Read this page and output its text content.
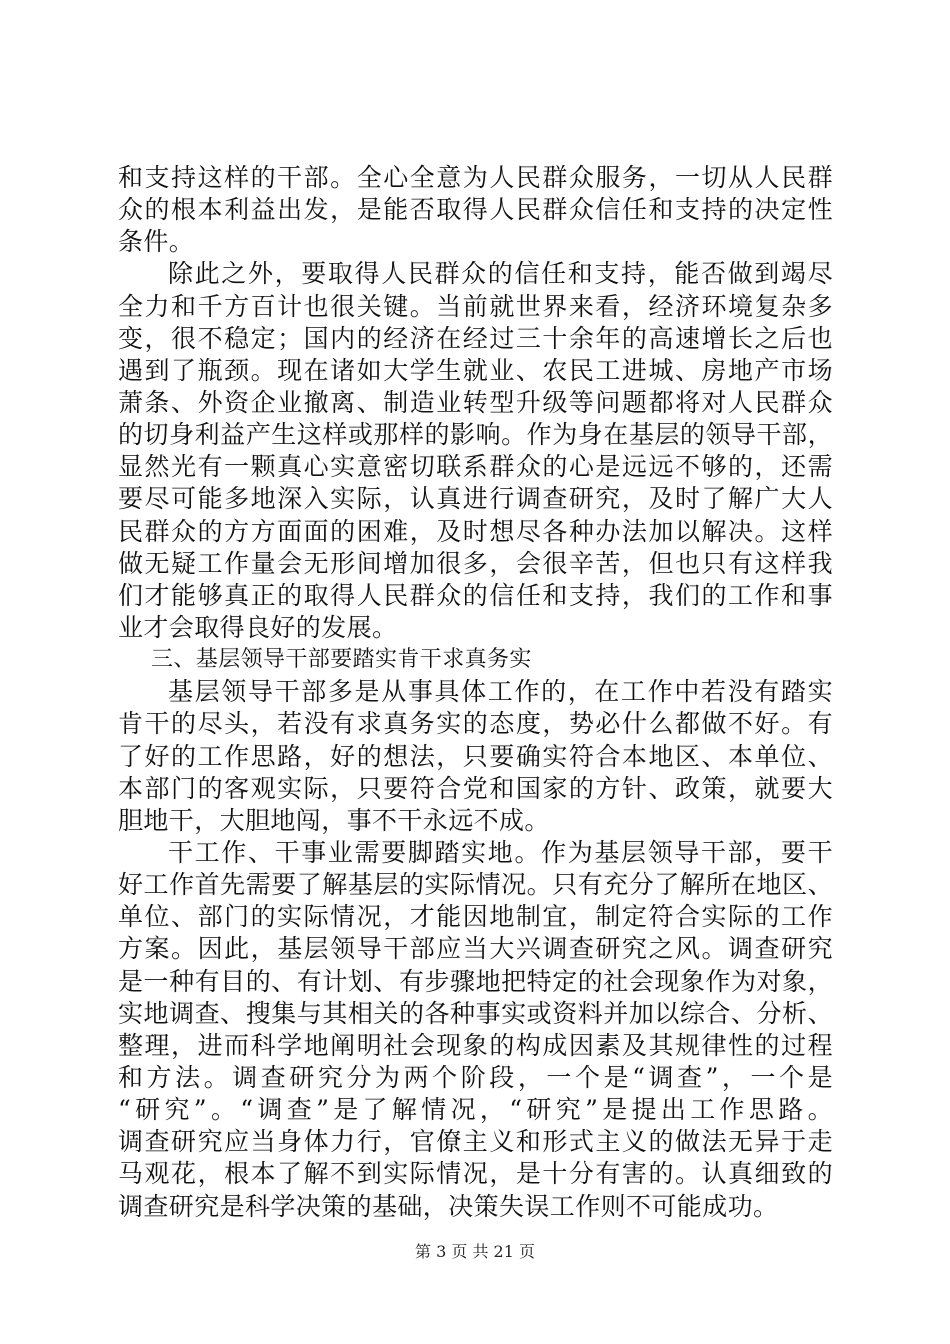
和支持这样的干部。全心全意为人民群众服务，一切从人民群
众的根本利益出发，是能否取得人民群众信任和支持的决定性
条件。
除此之外，要取得人民群众的信任和支持，能否做到竭尽
全力和千方百计也很关键。当前就世界来看，经济环境复杂多
变，很不稳定；国内的经济在经过三十余年的高速增长之后也
遇到了瓶颈。现在诸如大学生就业、农民工进城、房地产市场
萧条、外资企业撤离、制造业转型升级等问题都将对人民群众
的切身利益产生这样或那样的影响。作为身在基层的领导干部，
显然光有一颗真心实意密切联系群众的心是远远不够的，还需
要尽可能多地深入实际，认真进行调查研究，及时了解广大人
民群众的方方面面的困难，及时想尽各种办法加以解决。这样
做无疑工作量会无形间增加很多，会很辛苦，但也只有这样我
们才能够真正的取得人民群众的信任和支持，我们的工作和事
业才会取得良好的发展。
三、基层领导干部要踏实肯干求真务实
基层领导干部多是从事具体工作的，在工作中若没有踏实
肯干的尽头，若没有求真务实的态度，势必什么都做不好。有
了好的工作思路，好的想法，只要确实符合本地区、本单位、
本部门的客观实际，只要符合党和国家的方针、政策，就要大
胆地干，大胆地闯，事不干永远不成。
干工作、干事业需要脚踏实地。作为基层领导干部，要干
好工作首先需要了解基层的实际情况。只有充分了解所在地区、
单位、部门的实际情况，才能因地制宜，制定符合实际的工作
方案。因此，基层领导干部应当大兴调查研究之风。调查研究
是一种有目的、有计划、有步骤地把特定的社会现象作为对象，
实地调查、搜集与其相关的各种事实或资料并加以综合、分析、
整理，进而科学地阐明社会现象的构成因素及其规律性的过程
和方法。调查研究分为两个阶段，一个是“调查”，一个是
“研究”。“调查”是了解情况，“研究”是提出工作思路。
调查研究应当身体力行，官僚主义和形式主义的做法无异于走
马观花，根本了解不到实际情况，是十分有害的。认真细致的
调查研究是科学决策的基础，决策失误工作则不可能成功。
第 3 页 共 21 页
